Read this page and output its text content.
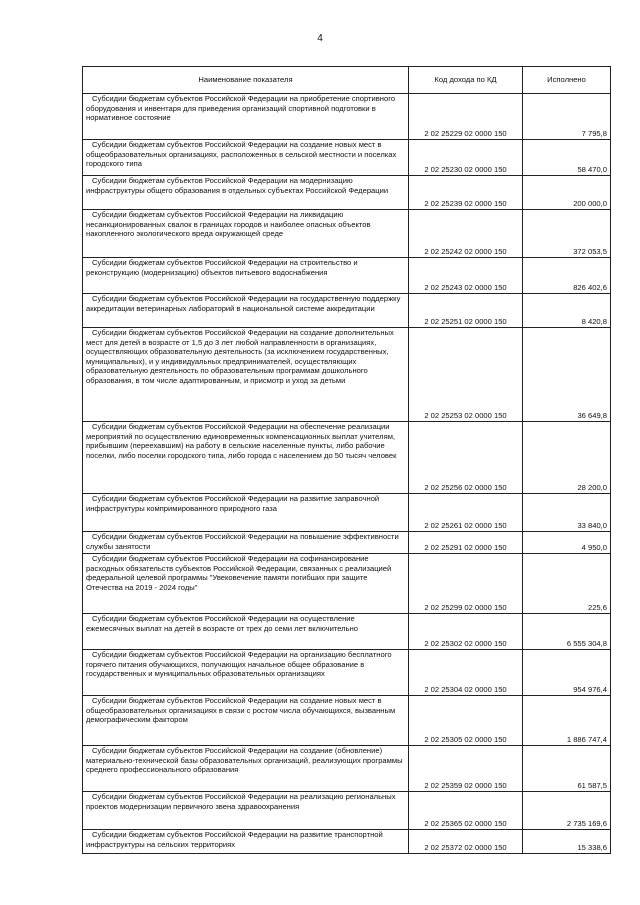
4
Наименование показателя	Код дохода по КД	Исполнено
Субсидии бюджетам субъектов Российской Федерации на приобретение спортивного оборудования и инвентаря для приведения организаций спортивной подготовки в нормативное состояние	2 02 25229 02 0000 150	7 795,8
Субсидии бюджетам субъектов Российской Федерации на создание новых мест в общеобразовательных организациях, расположенных в сельской местности и поселках городского типа	2 02 25230 02 0000 150	58 470,0
Субсидии бюджетам субъектов Российской Федерации на модернизацию инфраструктуры общего образования в отдельных субъектах Российской Федерации	2 02 25239 02 0000 150	200 000,0
Субсидии бюджетам субъектов Российской Федерации на ликвидацию несанкционированных свалок в границах городов и наиболее опасных объектов накопленного экологического вреда окружающей среде	2 02 25242 02 0000 150	372 053,5
Субсидии бюджетам субъектов Российской Федерации на строительство и реконструкцию (модернизацию) объектов питьевого водоснабжения	2 02 25243 02 0000 150	826 402,6
Субсидии бюджетам субъектов Российской Федерации на государственную поддержку аккредитации ветеринарных лабораторий в национальной системе аккредитации	2 02 25251 02 0000 150	8 420,8
Субсидии бюджетам субъектов Российской Федерации на создание дополнительных мест для детей в возрасте от 1,5 до 3 лет любой направленности в организациях, осуществляющих образовательную деятельность (за исключением государственных, муниципальных), и у индивидуальных предпринимателей, осуществляющих образовательную деятельность по образовательным программам дошкольного образования, в том числе адаптированным, и присмотр и уход за детьми	2 02 25253 02 0000 150	36 649,8
Субсидии бюджетам субъектов Российской Федерации на обеспечение реализации мероприятий по осуществлению единовременных компенсационных выплат учителям, прибывшим (переехавшим) на работу в сельские населенные пункты, либо рабочие поселки, либо поселки городского типа, либо города с населением до 50 тысяч человек	2 02 25256 02 0000 150	28 200,0
Субсидии бюджетам субъектов Российской Федерации на развитие заправочной инфраструктуры компримированного природного газа	2 02 25261 02 0000 150	33 840,0
Субсидии бюджетам субъектов Российской Федерации на повышение эффективности службы занятости	2 02 25291 02 0000 150	4 950,0
Субсидии бюджетам субъектов Российской Федерации на софинансирование расходных обязательств субъектов Российской Федерации, связанных с реализацией федеральной целевой программы "Увековечение памяти погибших при защите Отечества на 2019 - 2024 годы"	2 02 25299 02 0000 150	225,6
Субсидии бюджетам субъектов Российской Федерации на осуществление ежемесячных выплат на детей в возрасте от трех до семи лет включительно	2 02 25302 02 0000 150	6 555 304,8
Субсидии бюджетам субъектов Российской Федерации на организацию бесплатного горячего питания обучающихся, получающих начальное общее образование в государственных и муниципальных образовательных организациях	2 02 25304 02 0000 150	954 976,4
Субсидии бюджетам субъектов Российской Федерации на создание новых мест в общеобразовательных организациях в связи с ростом числа обучающихся, вызванным демографическим фактором	2 02 25305 02 0000 150	1 886 747,4
Субсидии бюджетам субъектов Российской Федерации на создание (обновление) материально-технической базы образовательных организаций, реализующих программы среднего профессионального образования	2 02 25359 02 0000 150	61 587,5
Субсидии бюджетам субъектов Российской Федерации на реализацию региональных проектов модернизации первичного звена здравоохранения	2 02 25365 02 0000 150	2 735 169,6
Субсидии бюджетам субъектов Российской Федерации на развитие транспортной инфраструктуры на сельских территориях	2 02 25372 02 0000 150	15 338,6
